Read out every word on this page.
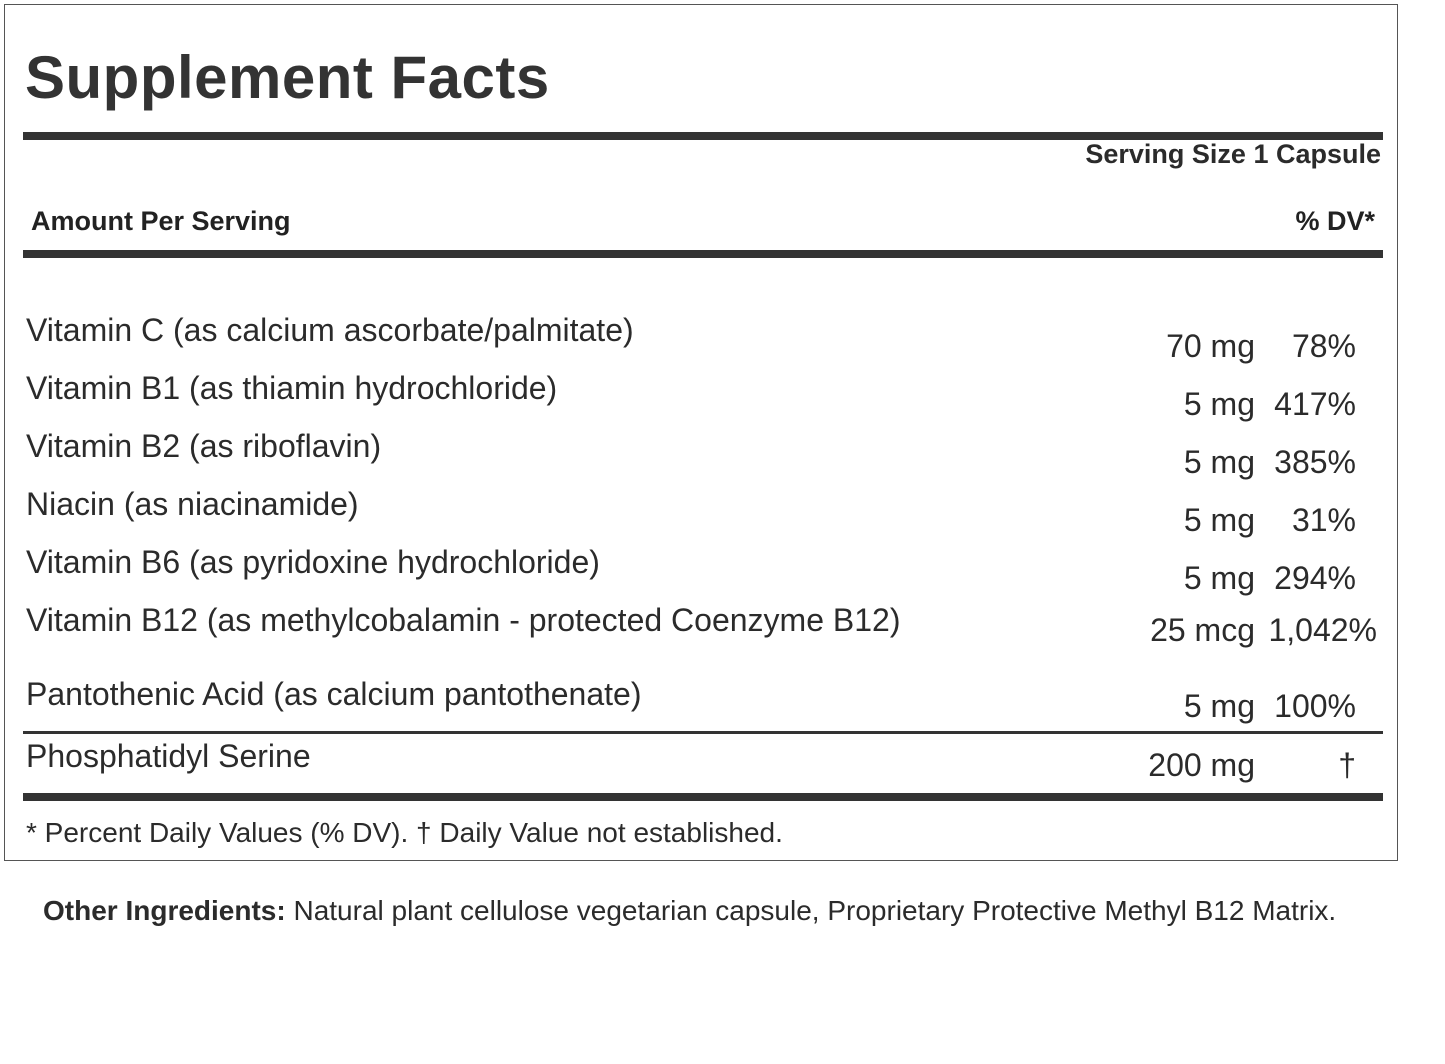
Supplement Facts
Serving Size 1 Capsule
Amount Per Serving	% DV*
Vitamin C (as calcium ascorbate/palmitate)	70 mg 78%
Vitamin B1 (as thiamin hydrochloride)	5 mg 417%
Vitamin B2 (as riboflavin)	5 mg 385%
Niacin (as niacinamide)	5 mg 31%
Vitamin B6 (as pyridoxine hydrochloride)	5 mg 294%
Vitamin B12 (as methylcobalamin - protected Coenzyme B12)	25 mcg 1,042%
Pantothenic Acid (as calcium pantothenate)	5 mg 100%
Phosphatidyl Serine	200 mg	†
* Percent Daily Values (% DV). † Daily Value not established.
Other Ingredients: Natural plant cellulose vegetarian capsule, Proprietary Protective Methyl B12 Matrix.
